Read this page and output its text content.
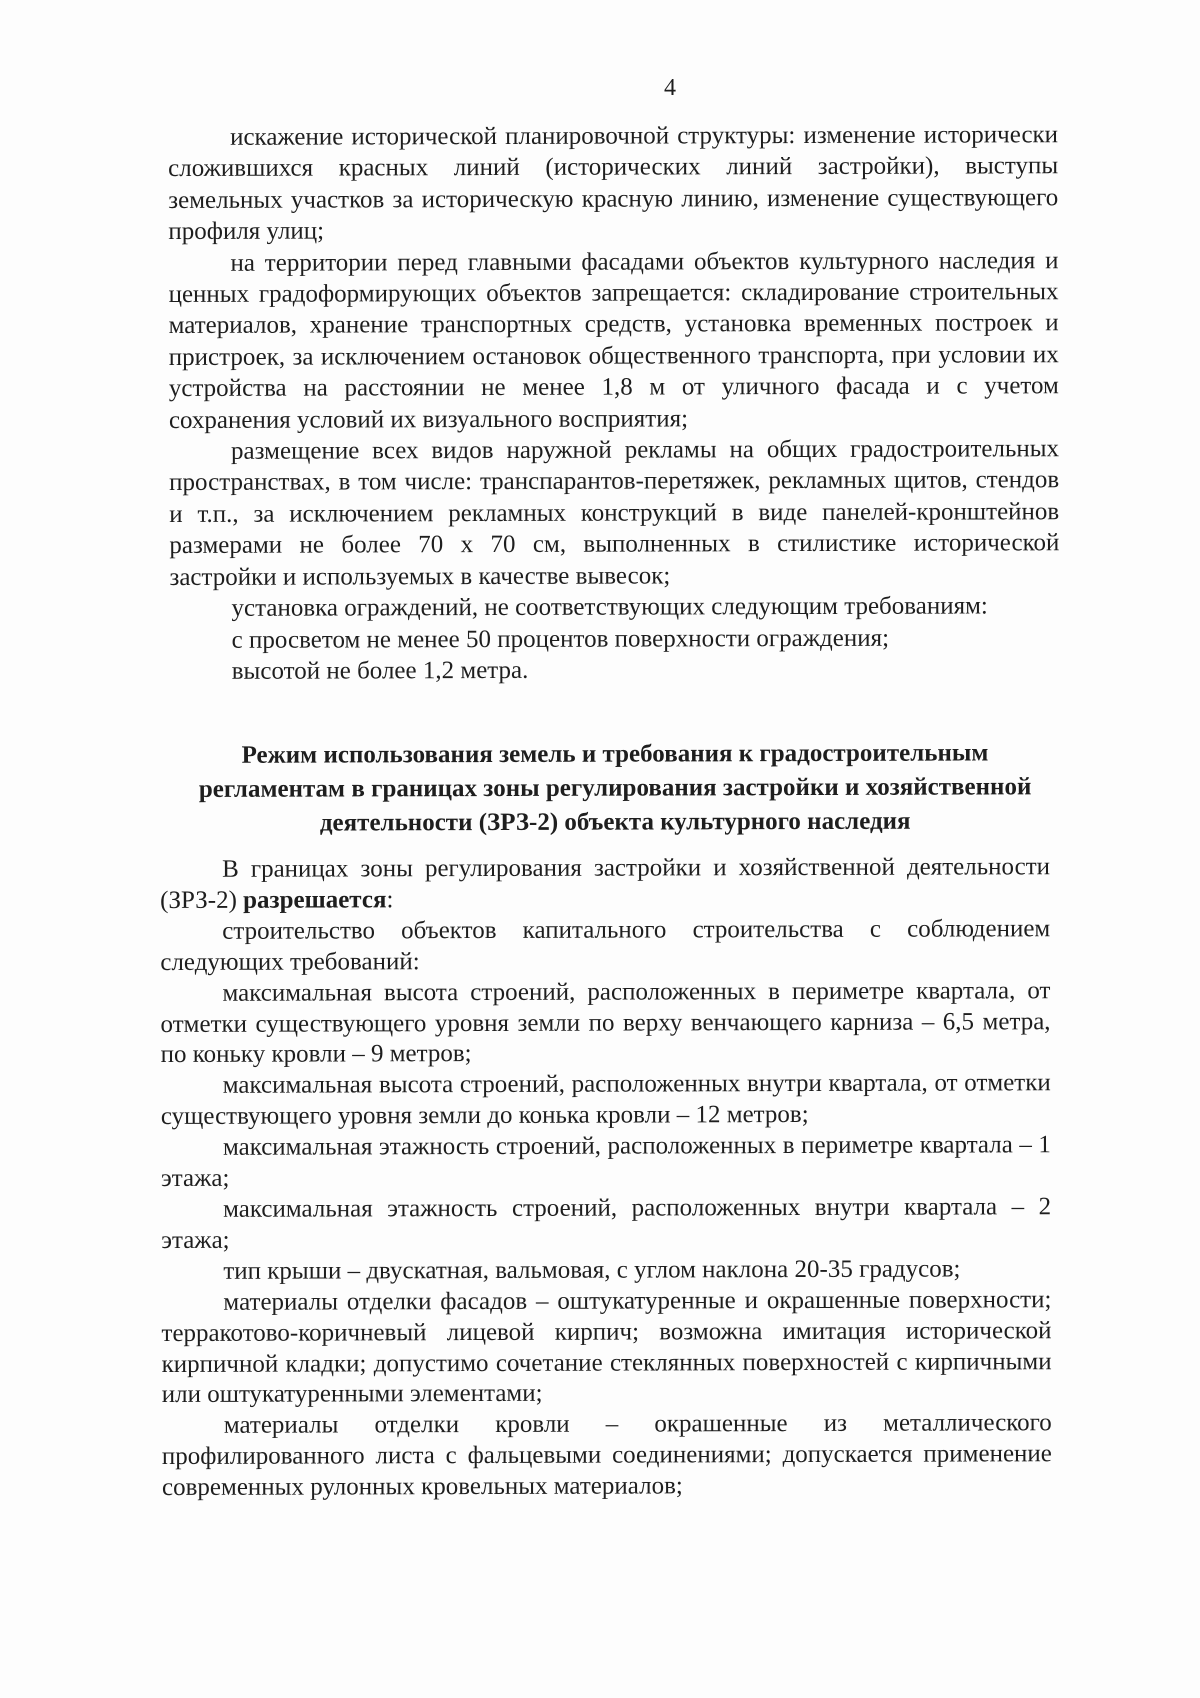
4

искажение исторической планировочной структуры: изменение исторически сложившихся красных линий (исторических линий застройки), выступы земельных участков за историческую красную линию, изменение существующего профиля улиц;

на территории перед главными фасадами объектов культурного наследия и ценных градоформирующих объектов запрещается: складирование строительных материалов, хранение транспортных средств, установка временных построек и пристроек, за исключением остановок общественного транспорта, при условии их устройства на расстоянии не менее 1,8 м от уличного фасада и с учетом сохранения условий их визуального восприятия;

размещение всех видов наружной рекламы на общих градостроительных пространствах, в том числе: транспарантов-перетяжек, рекламных щитов, стендов и т.п., за исключением рекламных конструкций в виде панелей-кронштейнов размерами не более 70 х 70 см, выполненных в стилистике исторической застройки и используемых в качестве вывесок;

установка ограждений, не соответствующих следующим требованиям:

с просветом не менее 50 процентов поверхности ограждения;

высотой не более 1,2 метра.

Режим использования земель и требования к градостроительным регламентам в границах зоны регулирования застройки и хозяйственной деятельности (ЗРЗ-2) объекта культурного наследия

В границах зоны регулирования застройки и хозяйственной деятельности (ЗРЗ-2) разрешается:

строительство объектов капитального строительства с соблюдением следующих требований:

максимальная высота строений, расположенных в периметре квартала, от отметки существующего уровня земли по верху венчающего карниза – 6,5 метра, по коньку кровли – 9 метров;

максимальная высота строений, расположенных внутри квартала, от отметки существующего уровня земли до конька кровли – 12 метров;

максимальная этажность строений, расположенных в периметре квартала – 1 этажа;

максимальная этажность строений, расположенных внутри квартала – 2 этажа;

тип крыши – двускатная, вальмовая, с углом наклона 20-35 градусов;

материалы отделки фасадов – оштукатуренные и окрашенные поверхности; терракотово-коричневый лицевой кирпич; возможна имитация исторической кирпичной кладки; допустимо сочетание стеклянных поверхностей с кирпичными или оштукатуренными элементами;

материалы отделки кровли – окрашенные из металлического профилированного листа с фальцевыми соединениями; допускается применение современных рулонных кровельных материалов;
